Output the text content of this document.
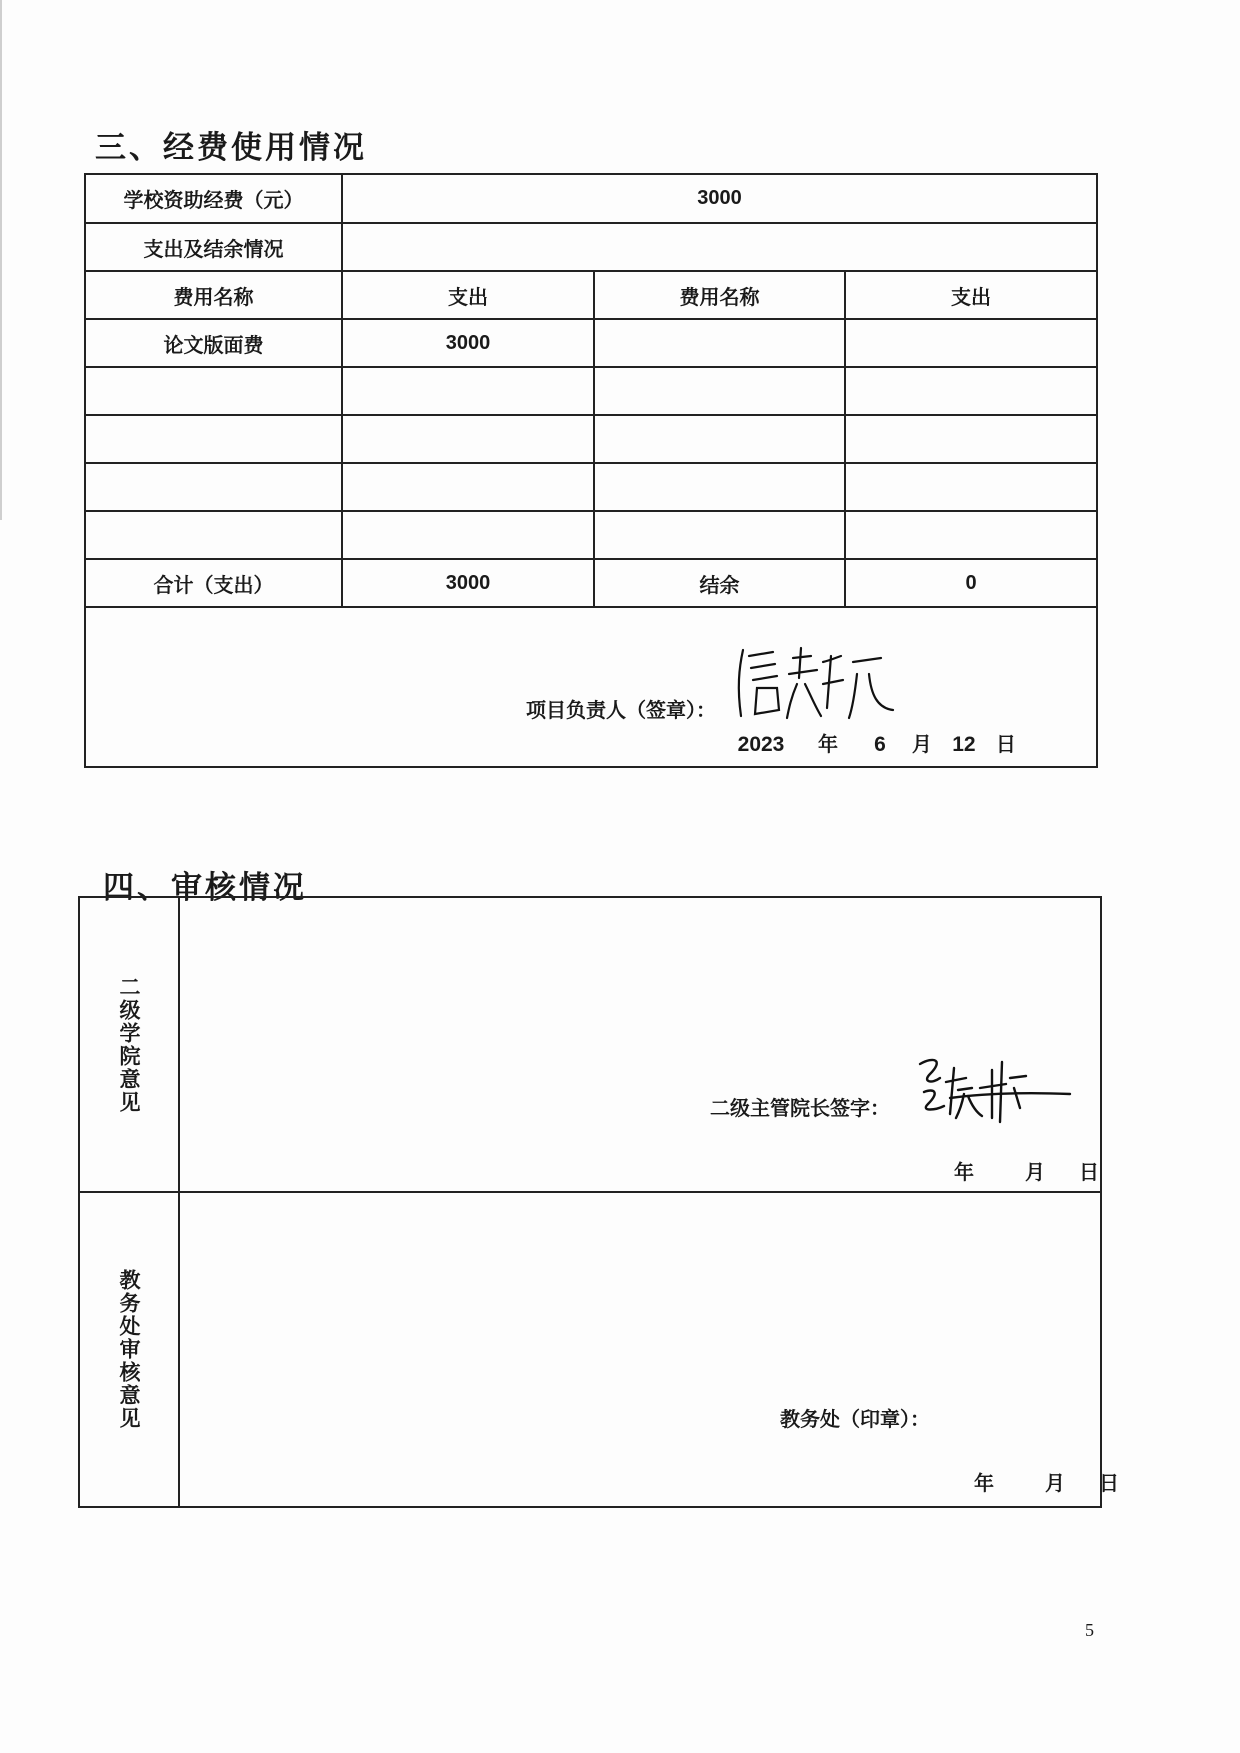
三、经费使用情况
学校资助经费（元）	3000		
支出及结余情况			
费用名称	支出	费用名称	支出
论文版面费	3000		

合计（支出）	3000	结余	0

项目负责人（签章）：
2023 年 6 月 12 日			
四、审核情况
二级学院意见	二级主管院长签字：
年 月 日

教务处审核意见	教务处（印章）：
年 月 日
5
